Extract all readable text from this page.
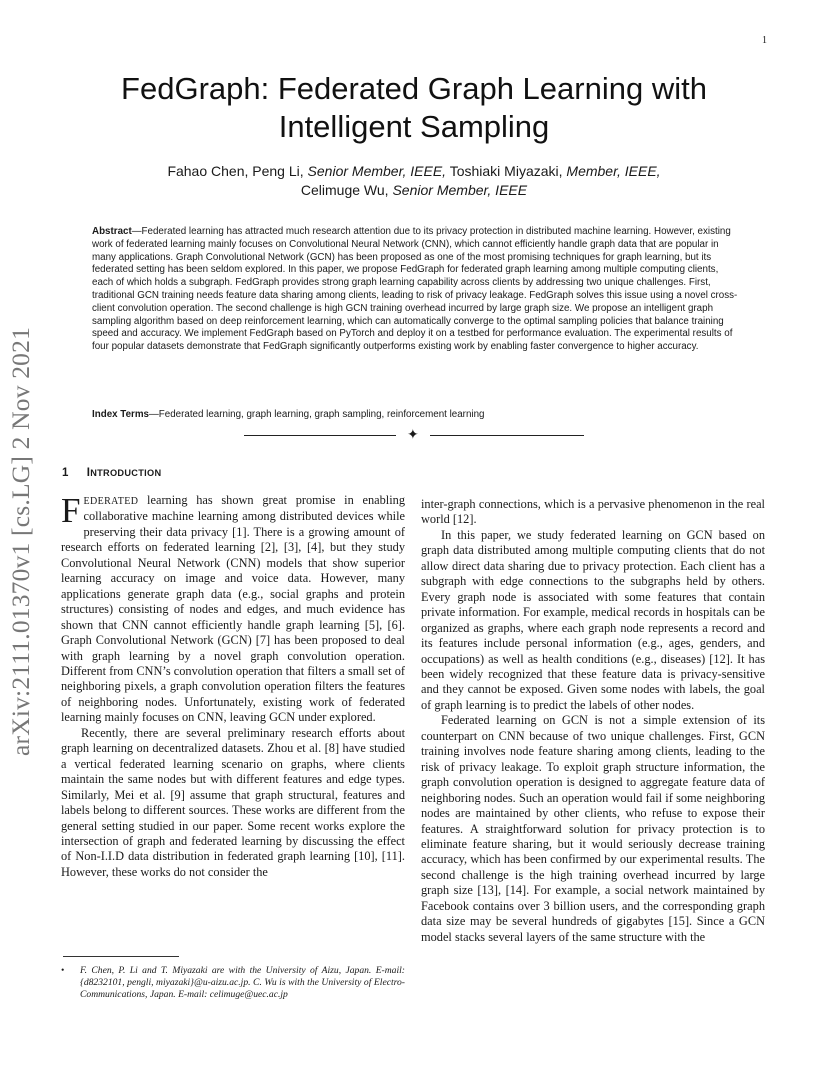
1
arXiv:2111.01370v1 [cs.LG] 2 Nov 2021
FedGraph: Federated Graph Learning with Intelligent Sampling
Fahao Chen, Peng Li, Senior Member, IEEE, Toshiaki Miyazaki, Member, IEEE,
Celimuge Wu, Senior Member, IEEE

Abstract—Federated learning has attracted much research attention due to its privacy protection in distributed machine learning. However, existing work of federated learning mainly focuses on Convolutional Neural Network (CNN), which cannot efficiently handle graph data that are popular in many applications. Graph Convolutional Network (GCN) has been proposed as one of the most promising techniques for graph learning, but its federated setting has been seldom explored. In this paper, we propose FedGraph for federated graph learning among multiple computing clients, each of which holds a subgraph. FedGraph provides strong graph learning capability across clients by addressing two unique challenges. First, traditional GCN training needs feature data sharing among clients, leading to risk of privacy leakage. FedGraph solves this issue using a novel cross-client convolution operation. The second challenge is high GCN training overhead incurred by large graph size. We propose an intelligent graph sampling algorithm based on deep reinforcement learning, which can automatically converge to the optimal sampling policies that balance training speed and accuracy. We implement FedGraph based on PyTorch and deploy it on a testbed for performance evaluation. The experimental results of four popular datasets demonstrate that FedGraph significantly outperforms existing work by enabling faster convergence to higher accuracy.

Index Terms—Federated learning, graph learning, graph sampling, reinforcement learning

✦
1 INTRODUCTION

FEDERATED learning has shown great promise in enabling collaborative machine learning among distributed devices while preserving their data privacy [1]. There is a growing amount of research efforts on federated learning [2], [3], [4], but they study Convolutional Neural Network (CNN) models that show superior learning accuracy on image and voice data. However, many applications generate graph data (e.g., social graphs and protein structures) consisting of nodes and edges, and much evidence has shown that CNN cannot efficiently handle graph learning [5], [6]. Graph Convolutional Network (GCN) [7] has been proposed to deal with graph learning by a novel graph convolution operation. Different from CNN’s convolution operation that filters a small set of neighboring pixels, a graph convolution operation filters the features of neighboring nodes. Unfortunately, existing work of federated learning mainly focuses on CNN, leaving GCN under explored.

Recently, there are several preliminary research efforts about graph learning on decentralized datasets. Zhou et al. [8] have studied a vertical federated learning scenario on graphs, where clients maintain the same nodes but with different features and edge types. Similarly, Mei et al. [9] assume that graph structural, features and labels belong to different sources. These works are different from the general setting studied in our paper. Some recent works explore the intersection of graph and federated learning by discussing the effect of Non-I.I.D data distribution in federated graph learning [10], [11]. However, these works do not consider the

inter-graph connections, which is a pervasive phenomenon in the real world [12].

In this paper, we study federated learning on GCN based on graph data distributed among multiple computing clients that do not allow direct data sharing due to privacy protection. Each client has a subgraph with edge connections to the subgraphs held by others. Every graph node is associated with some features that contain private information. For example, medical records in hospitals can be organized as graphs, where each graph node represents a record and its features include personal information (e.g., ages, genders, and occupations) as well as health conditions (e.g., diseases) [12]. It has been widely recognized that these feature data is privacy-sensitive and they cannot be exposed. Given some nodes with labels, the goal of graph learning is to predict the labels of other nodes.

Federated learning on GCN is not a simple extension of its counterpart on CNN because of two unique challenges. First, GCN training involves node feature sharing among clients, leading to the risk of privacy leakage. To exploit graph structure information, the graph convolution operation is designed to aggregate feature data of neighboring nodes. Such an operation would fail if some neighboring nodes are maintained by other clients, who refuse to expose their features. A straightforward solution for privacy protection is to eliminate feature sharing, but it would seriously decrease training accuracy, which has been confirmed by our experimental results. The second challenge is the high training overhead incurred by large graph size [13], [14]. For example, a social network maintained by Facebook contains over 3 billion users, and the corresponding graph data size may be several hundreds of gigabytes [15]. Since a GCN model stacks several layers of the same structure with the

• F. Chen, P. Li and T. Miyazaki are with the University of Aizu, Japan. E-mail: {d8232101, pengli, miyazaki}@u-aizu.ac.jp. C. Wu is with the University of Electro-Communications, Japan. E-mail: celimuge@uec.ac.jp
